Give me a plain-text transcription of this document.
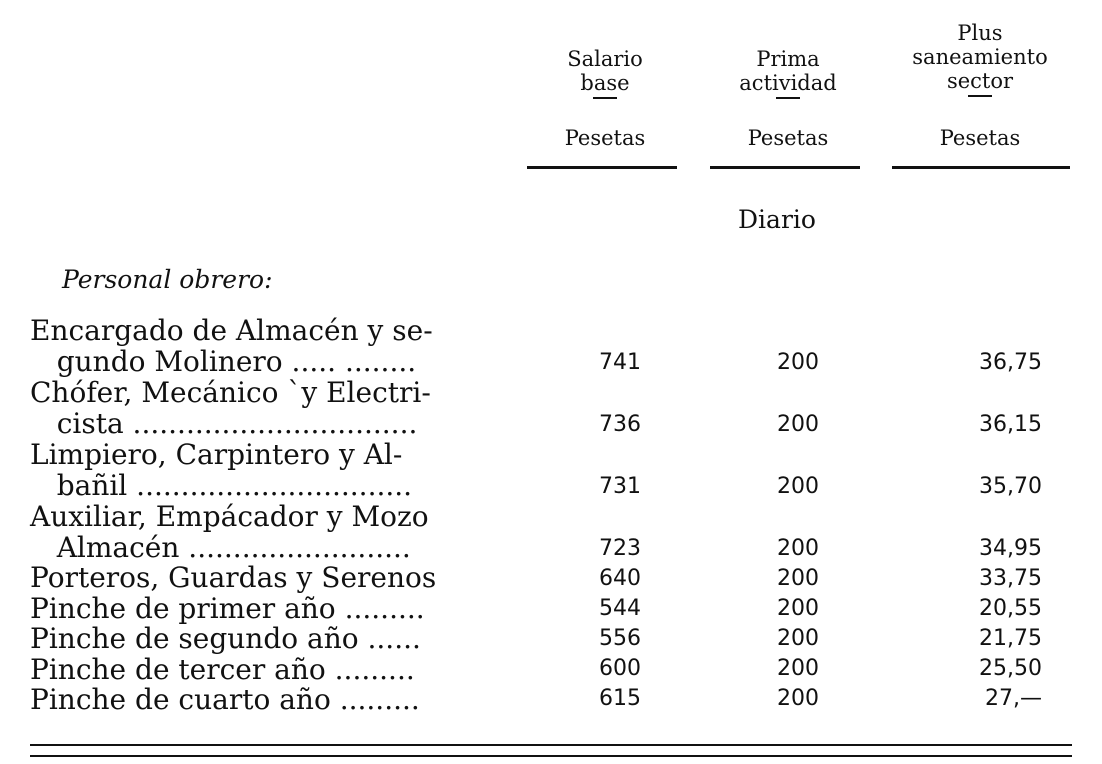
Salario
base
Prima
actividad
Plus
saneamiento
sector
Pesetas	Pesetas	Pesetas
Diario
Personal obrero:
Encargado de Almacén y se-
gundo Molinero ..... ........	741	200	36,75
Chófer, Mecánico `y Electri-
cista ................................	736	200	36,15
Limpiero, Carpintero y Al-
bañil ...............................	731	200	35,70
Auxiliar, Empácador y Mozo
Almacén .........................	723	200	34,95
Porteros, Guardas y Serenos	640	200	33,75
Pinche de primer año .........	544	200	20,55
Pinche de segundo año ......	556	200	21,75
Pinche de tercer año .........	600	200	25,50
Pinche de cuarto año .........	615	200	27,—
